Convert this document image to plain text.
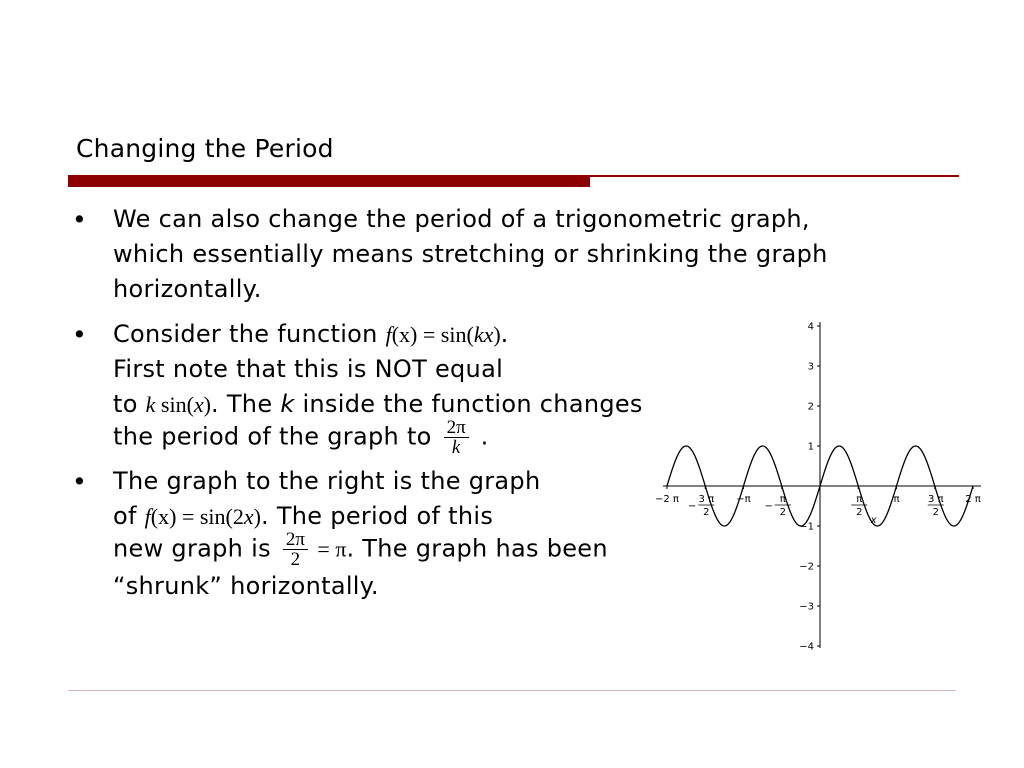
Changing the Period
• We can also change the period of a trigonometric graph,
which essentially means stretching or shrinking the graph
horizontally.
• Consider the function f(x) = sin(kx).
First note that this is NOT equal
to k sin(x). The k inside the function changes
the period of the graph to $\frac{2\pi}{k}$ .
• The graph to the right is the graph
of f(x) = sin(2x). The period of this
new graph is $\frac{2\pi}{2} = \pi$. The graph has been
“shrunk” horizontally.
4
3
2
1
−1
−2
−3
−4
−2 π 3 π
2
−
−π	π
2
−
π
2
π	3 π
2
2 π
x
